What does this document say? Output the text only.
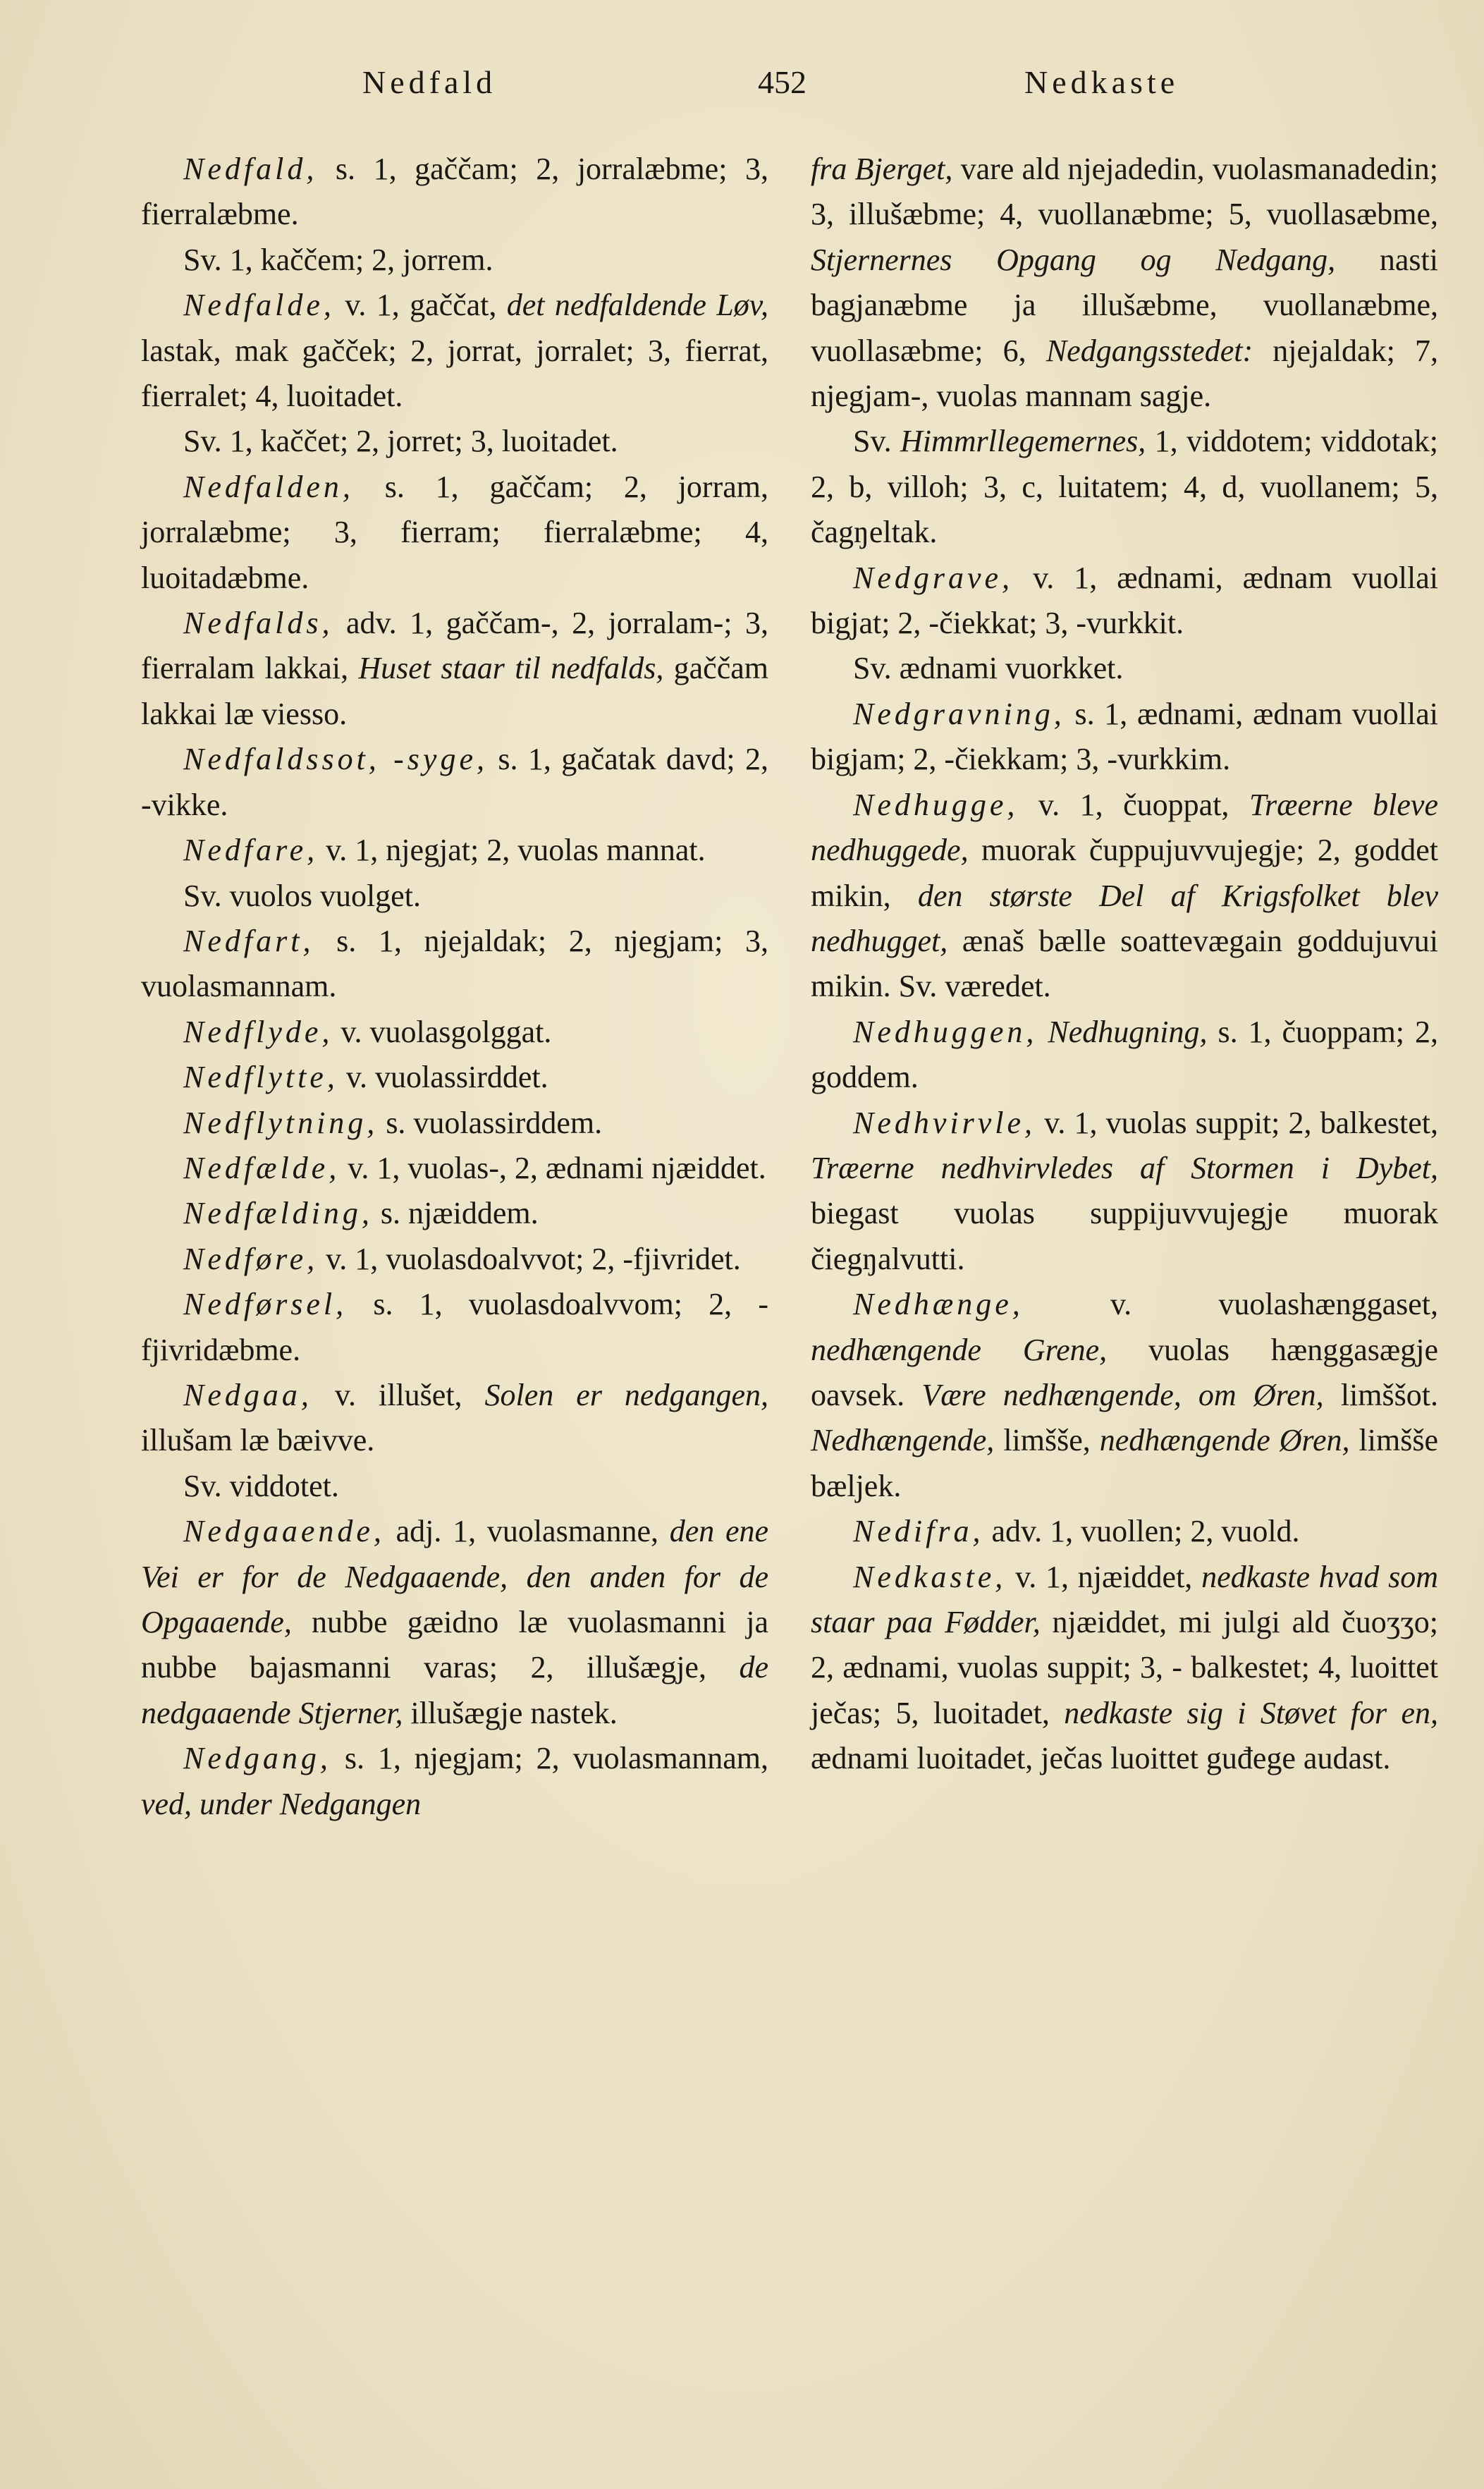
Nedfald	452	Nedkaste

Nedfald, s. 1, gaččam; 2, jorralæbme; 3, fierralæbme.

Sv. 1, kaččem; 2, jorrem.

Nedfalde, v. 1, gaččat, det nedfaldende Løv, lastak, mak gačček; 2, jorrat, jorralet; 3, fierrat, fierralet; 4, luoitadet.

Sv. 1, kaččet; 2, jorret; 3, luoitadet.

Nedfalden, s. 1, gaččam; 2, jorram, jorralæbme; 3, fierram; fierralæbme; 4, luoitadæbme.

Nedfalds, adv. 1, gaččam-, 2, jorralam-; 3, fierralam lakkai, Huset staar til nedfalds, gaččam lakkai læ viesso.

Nedfaldssot, -syge, s. 1, gačatak davd; 2, -vikke.

Nedfare, v. 1, njegjat; 2, vuolas mannat.

Sv. vuolos vuolget.

Nedfart, s. 1, njejaldak; 2, njegjam; 3, vuolasmannam.

Nedflyde, v. vuolasgolggat.

Nedflytte, v. vuolassirddet.

Nedflytning, s. vuolassirddem.

Nedfælde, v. 1, vuolas-, 2, ædnami njæiddet.

Nedfælding, s. njæiddem.

Nedføre, v. 1, vuolasdoalvvot; 2, -fjivridet.

Nedførsel, s. 1, vuolasdoalvvom; 2, -fjivridæbme.

Nedgaa, v. illušet, Solen er nedgangen, illušam læ bæivve.

Sv. viddotet.

Nedgaaende, adj. 1, vuolasmanne, den ene Vei er for de Nedgaaende, den anden for de Opgaaende, nubbe gæidno læ vuolasmanni ja nubbe bajasmanni varas; 2, illušægje, de nedgaaende Stjerner, illušægje nastek.

Nedgang, s. 1, njegjam; 2, vuolasmannam, ved, under Nedgangen

fra Bjerget, vare ald njejadedin, vuolasmanadedin; 3, illušæbme; 4, vuollanæbme; 5, vuollasæbme, Stjernernes Opgang og Nedgang, nasti bagjanæbme ja illušæbme, vuollanæbme, vuollasæbme; 6, Nedgangsstedet: njejaldak; 7, njegjam-, vuolas mannam sagje.

Sv. Himmrllegemernes, 1, viddotem; viddotak; 2, b, villoh; 3, c, luitatem; 4, d, vuollanem; 5, čagŋeltak.

Nedgrave, v. 1, ædnami, ædnam vuollai bigjat; 2, -čiekkat; 3, -vurkkit.

Sv. ædnami vuorkket.

Nedgravning, s. 1, ædnami, ædnam vuollai bigjam; 2, -čiekkam; 3, -vurkkim.

Nedhugge, v. 1, čuoppat, Træerne bleve nedhuggede, muorak čuppujuvvujegje; 2, goddet mikin, den største Del af Krigsfolket blev nedhugget, ænaš bælle soattevægain goddujuvui mikin. Sv. væredet.

Nedhuggen, Nedhugning, s. 1, čuoppam; 2, goddem.

Nedhvirvle, v. 1, vuolas suppit; 2, balkestet, Træerne nedhvirvledes af Stormen i Dybet, biegast vuolas suppijuvvujegje muorak čiegŋalvutti.

Nedhænge, v. vuolashænggaset, nedhængende Grene, vuolas hænggasægje oavsek. Være nedhængende, om Øren, limššot. Nedhængende, limšše, nedhængende Øren, limšše bæljek.

Nedifra, adv. 1, vuollen; 2, vuold.

Nedkaste, v. 1, njæiddet, nedkaste hvad som staar paa Fødder, njæiddet, mi julgi ald čuoʒʒo; 2, ædnami, vuolas suppit; 3, - balkestet; 4, luoittet ječas; 5, luoitadet, nedkaste sig i Støvet for en, ædnami luoitadet, ječas luoittet guđege audast.
